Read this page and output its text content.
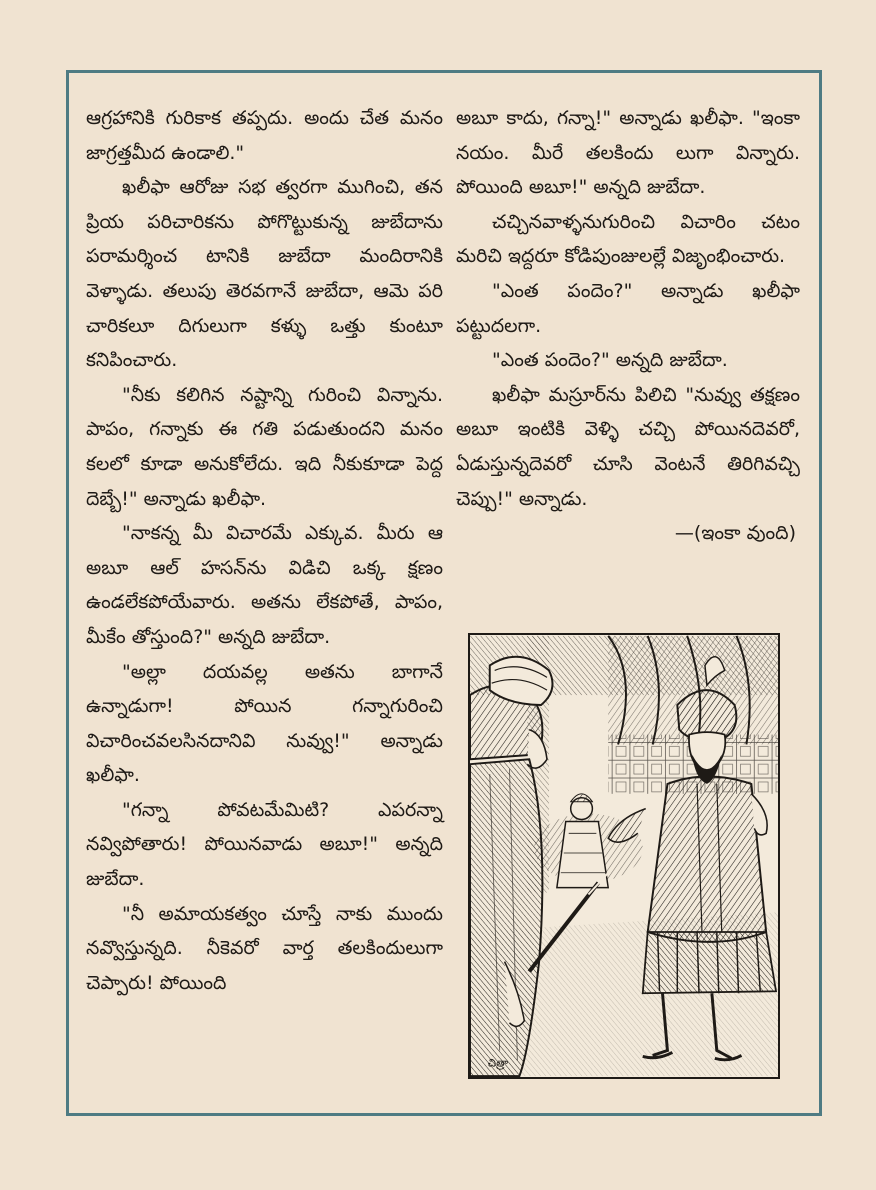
ఆగ్రహానికి గురికాక తప్పదు. అందు చేత మనం జాగ్రత్తమీద ఉండాలి."

ఖలీఫా ఆరోజు సభ త్వరగా ముగించి, తన ప్రియ పరిచారికను పోగొట్టుకున్న జుబేదాను పరామర్శించ టానికి జుబేదా మందిరానికి వెళ్ళాడు. తలుపు తెరవగానే జుబేదా, ఆమె పరి చారికలూ దిగులుగా కళ్ళు ఒత్తు కుంటూ కనిపించారు.

"నీకు కలిగిన నష్టాన్ని గురించి విన్నాను. పాపం, గన్నాకు ఈ గతి పడుతుందని మనం కలలో కూడా అనుకోలేదు. ఇది నీకుకూడా పెద్ద దెబ్బే!" అన్నాడు ఖలీఫా.

"నాకన్న మీ విచారమే ఎక్కువ. మీరు ఆ అబూ ఆల్ హసన్‌ను విడిచి ఒక్క క్షణం ఉండలేకపోయేవారు. అతను లేకపోతే, పాపం, మీకేం తోస్తుంది?" అన్నది జుబేదా.

"అల్లా దయవల్ల అతను బాగానే ఉన్నాడుగా! పోయిన గన్నాగురించి విచారించవలసినదానివి నువ్వు!" అన్నాడు ఖలీఫా.

"గన్నా పోవటమేమిటి? ఎపరన్నా నవ్విపోతారు! పోయినవాడు అబూ!" అన్నది జుబేదా.

"నీ అమాయకత్వం చూస్తే నాకు ముందు నవ్వొస్తున్నది. నీకెవరో వార్త తలకిందులుగా చెప్పారు! పోయింది

అబూ కాదు, గన్నా!" అన్నాడు ఖలీఫా. "ఇంకా నయం. మీరే తలకిందు లుగా విన్నారు. పోయింది అబూ!" అన్నది జుబేదా.

చచ్చినవాళ్ళనుగురించి విచారిం చటం మరిచి ఇద్దరూ కోడిపుంజులల్లే విజృంభించారు.

"ఎంత పందెం?" అన్నాడు ఖలీఫా పట్టుదలగా.

"ఎంత పందెం?" అన్నది జుబేదా.

ఖలీఫా మస్రూర్‌ను పిలిచి "నువ్వు తక్షణం అబూ ఇంటికి వెళ్ళి చచ్చి పోయినదెవరో, ఏడుస్తున్నదెవరో చూసి వెంటనే తిరిగివచ్చి చెప్పు!" అన్నాడు.

—(ఇంకా వుంది)

చిత్రా
